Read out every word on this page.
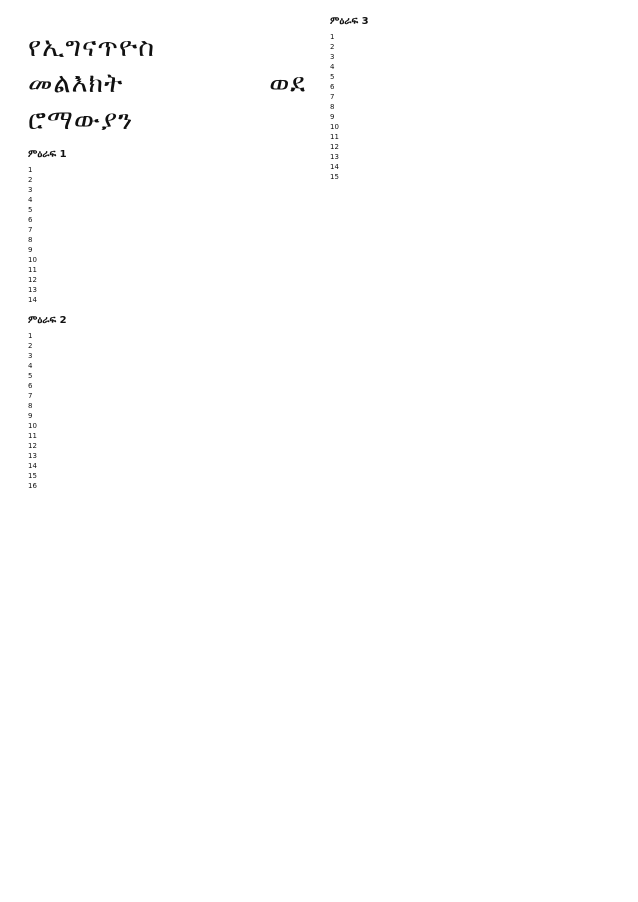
የኢግናጥዮስ
መልእክት	ወደ
ሮማውያን
ምዕራፍ 1

1

2

3

4

5

6

7

8

9

10

11

12

13

14

ምዕራፍ 2

1

2

3

4

5

6

7

8

9

10

11

12

13

14

15

16

ምዕራፍ 3

1

2

3

4

5

6

7

8

9

10

11

12

13

14

15
